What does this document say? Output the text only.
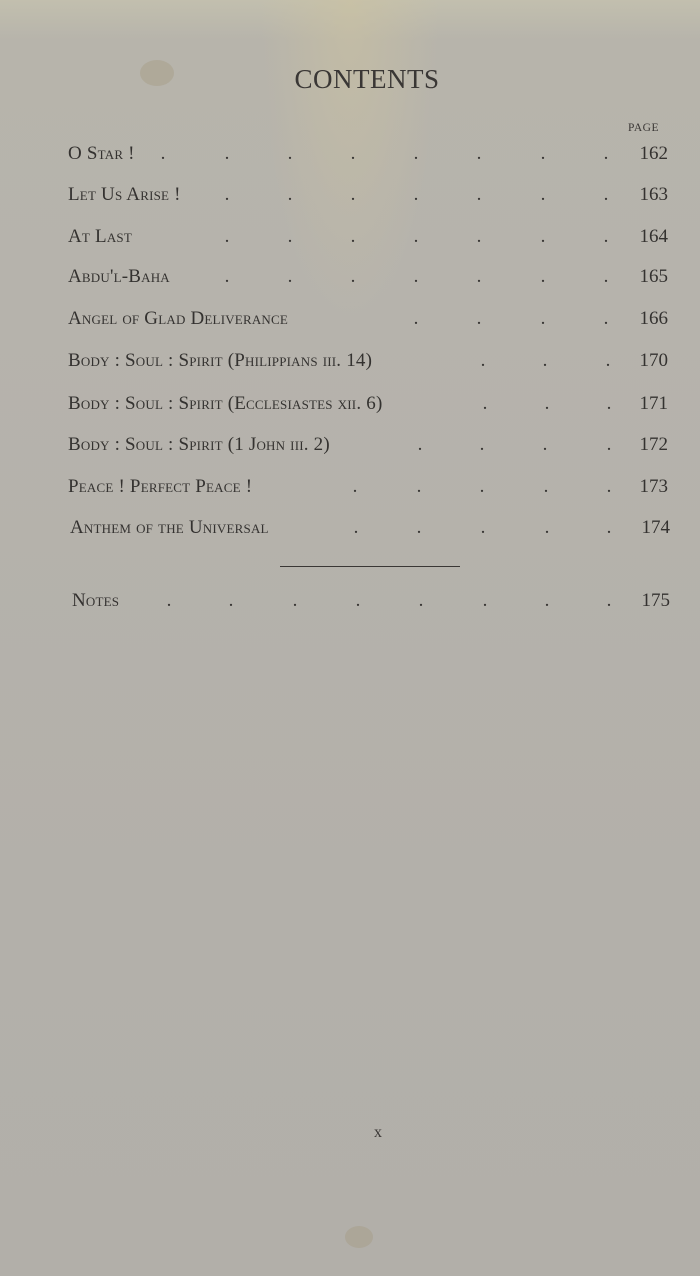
CONTENTS
PAGE
O Star ! .	.	.	.	.	.	.	. 162
Let Us Arise ! .	.	.	.	.	.	. 163
At Last	.	.	.	.	.	.	. 164
Abdu'l-Baha	.	.	.	.	.	.	. 165
Angel of Glad Deliverance	.	.	.	. 166
Body : Soul : Spirit (Philippians iii. 14)	.	.	. 170
Body : Soul : Spirit (Ecclesiastes xii. 6)	.	.	. 171
Body : Soul : Spirit (1 John iii. 2)	.	.	.	. 172
Peace ! Perfect Peace !	.	.	.	.	. 173
Anthem of the Universal	.	.	.	.	. 174
Notes .	.	.	.	.	.	.	. 175
x
